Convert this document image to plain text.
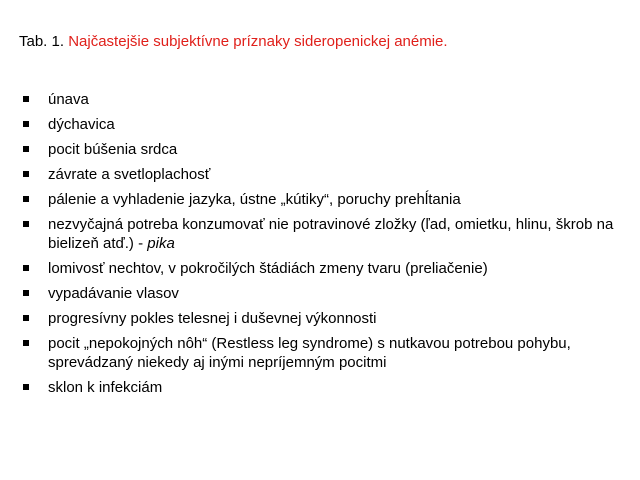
Tab. 1. Najčastejšie subjektívne príznaky sideropenickej anémie.
únava
dýchavica
pocit búšenia srdca
závrate a svetloplachosť
pálenie a vyhladenie jazyka, ústne „kútiky“, poruchy prehĺtania
nezvyčajná potreba konzumovať nie potravinové zložky (ľad, omietku, hlinu, škrob na bielizeň atď.) - pika
lomivosť nechtov, v pokročilých štádiách zmeny tvaru (preliačenie)
vypadávanie vlasov
progresívny pokles telesnej i duševnej výkonnosti
pocit „nepokojných nôh“ (Restless leg syndrome) s nutkavou potrebou pohybu, sprevádzaný niekedy aj inými nepríjemným pocitmi
sklon k infekciám
